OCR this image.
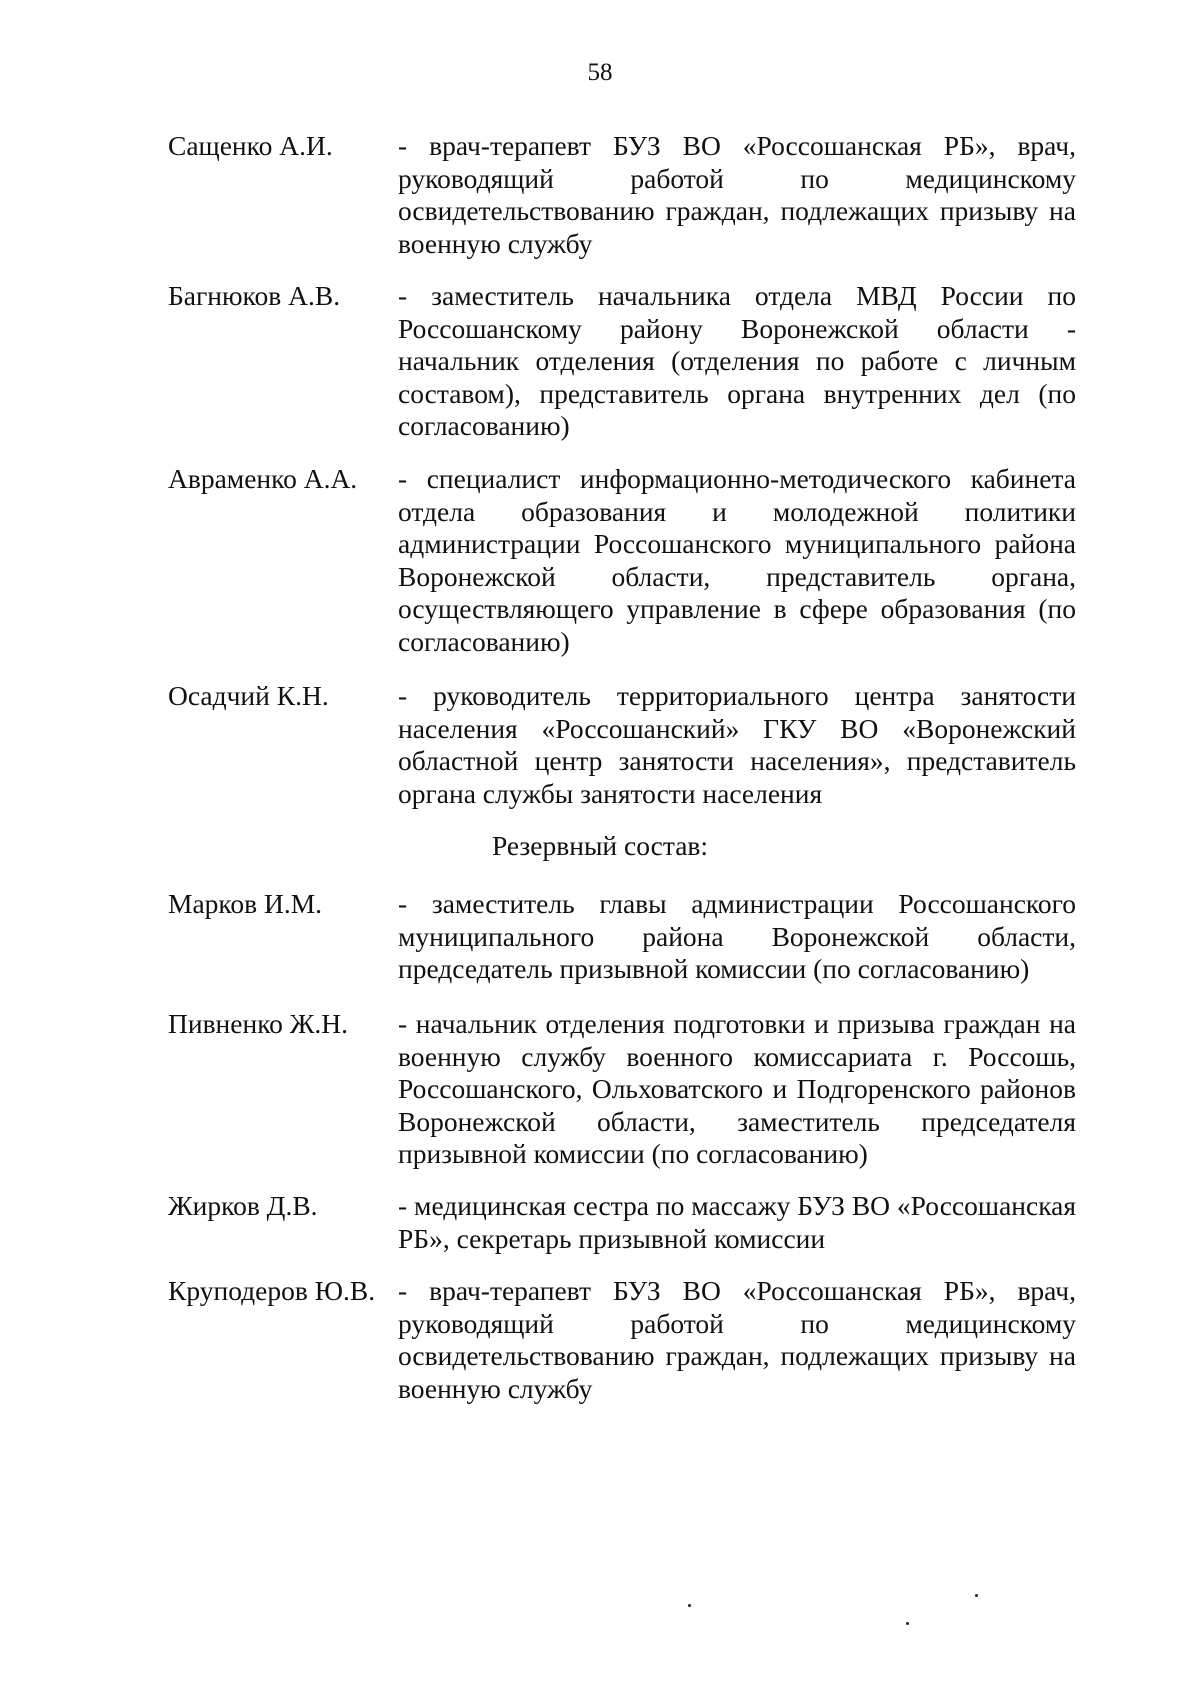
58
Сащенко А.И. - врач-терапевт БУЗ ВО «Россошанская РБ», врач, руководящий работой по медицинскому освидетельствованию граждан, подлежащих призыву на военную службу
Багнюков А.В. - заместитель начальника отдела МВД России по Россошанскому району Воронежской области - начальник отделения (отделения по работе с личным составом), представитель органа внутренних дел (по согласованию)
Авраменко А.А. - специалист информационно-методического кабинета отдела образования и молодежной политики администрации Россошанского муниципального района Воронежской области, представитель органа, осуществляющего управление в сфере образования (по согласованию)
Осадчий К.Н.	- руководитель территориального центра занятости населения «Россошанский» ГКУ ВО «Воронежский областной центр занятости населения», представитель органа службы занятости населения
Резервный состав:
Марков И.М.	- заместитель главы администрации Россошанского муниципального района Воронежской области, председатель призывной комиссии (по согласованию)
Пивненко Ж.Н. - начальник отделения подготовки и призыва граждан на военную службу военного комиссариата г. Россошь, Россошанского, Ольховатского и Подгоренского районов Воронежской области, заместитель председателя призывной комиссии (по согласованию)
Жирков Д.В.	- медицинская сестра по массажу БУЗ ВО «Россошанская РБ», секретарь призывной комиссии
Круподеров Ю.В. - врач-терапевт БУЗ ВО «Россошанская РБ», врач, руководящий работой по медицинскому освидетельствованию граждан, подлежащих призыву на военную службу
